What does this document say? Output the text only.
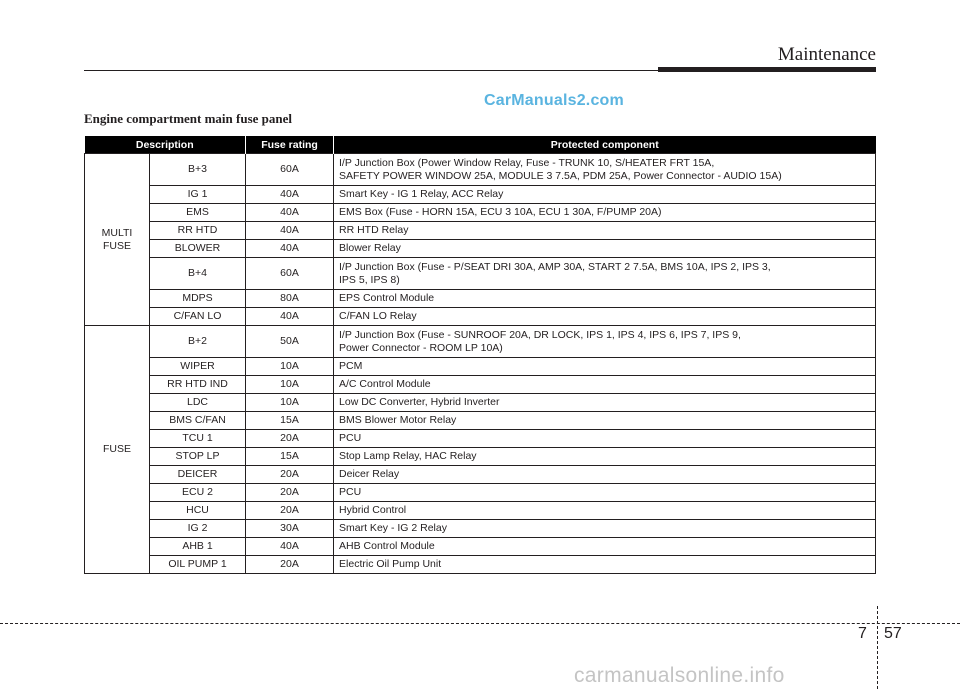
Maintenance
CarManuals2.com
Engine compartment main fuse panel
Description		Fuse rating	Protected component
MULTI
FUSE	B+3	60A	I/P Junction Box (Power Window Relay, Fuse - TRUNK 10, S/HEATER FRT 15A,
SAFETY POWER WINDOW 25A, MODULE 3 7.5A, PDM 25A, Power Connector - AUDIO 15A)
	IG 1	40A	Smart Key - IG 1 Relay, ACC Relay
	EMS	40A	EMS Box (Fuse - HORN 15A, ECU 3 10A, ECU 1 30A, F/PUMP 20A)
	RR HTD	40A	RR HTD Relay
	BLOWER	40A	Blower Relay
	B+4	60A	I/P Junction Box (Fuse - P/SEAT DRI 30A, AMP 30A, START 2 7.5A, BMS 10A, IPS 2, IPS 3,
IPS 5, IPS 8)
	MDPS	80A	EPS Control Module
	C/FAN LO	40A	C/FAN LO Relay
FUSE	B+2	50A	I/P Junction Box (Fuse - SUNROOF 20A, DR LOCK, IPS 1, IPS 4, IPS 6, IPS 7, IPS 9,
Power Connector - ROOM LP 10A)
	WIPER	10A	PCM
	RR HTD IND	10A	A/C Control Module
	LDC	10A	Low DC Converter, Hybrid Inverter
	BMS C/FAN	15A	BMS Blower Motor Relay
	TCU 1	20A	PCU
	STOP LP	15A	Stop Lamp Relay, HAC Relay
	DEICER	20A	Deicer Relay
	ECU 2	20A	PCU
	HCU	20A	Hybrid Control
	IG 2	30A	Smart Key - IG 2 Relay
	AHB 1	40A	AHB Control Module
	OIL PUMP 1	20A	Electric Oil Pump Unit
7 57
carmanualsonline.info
